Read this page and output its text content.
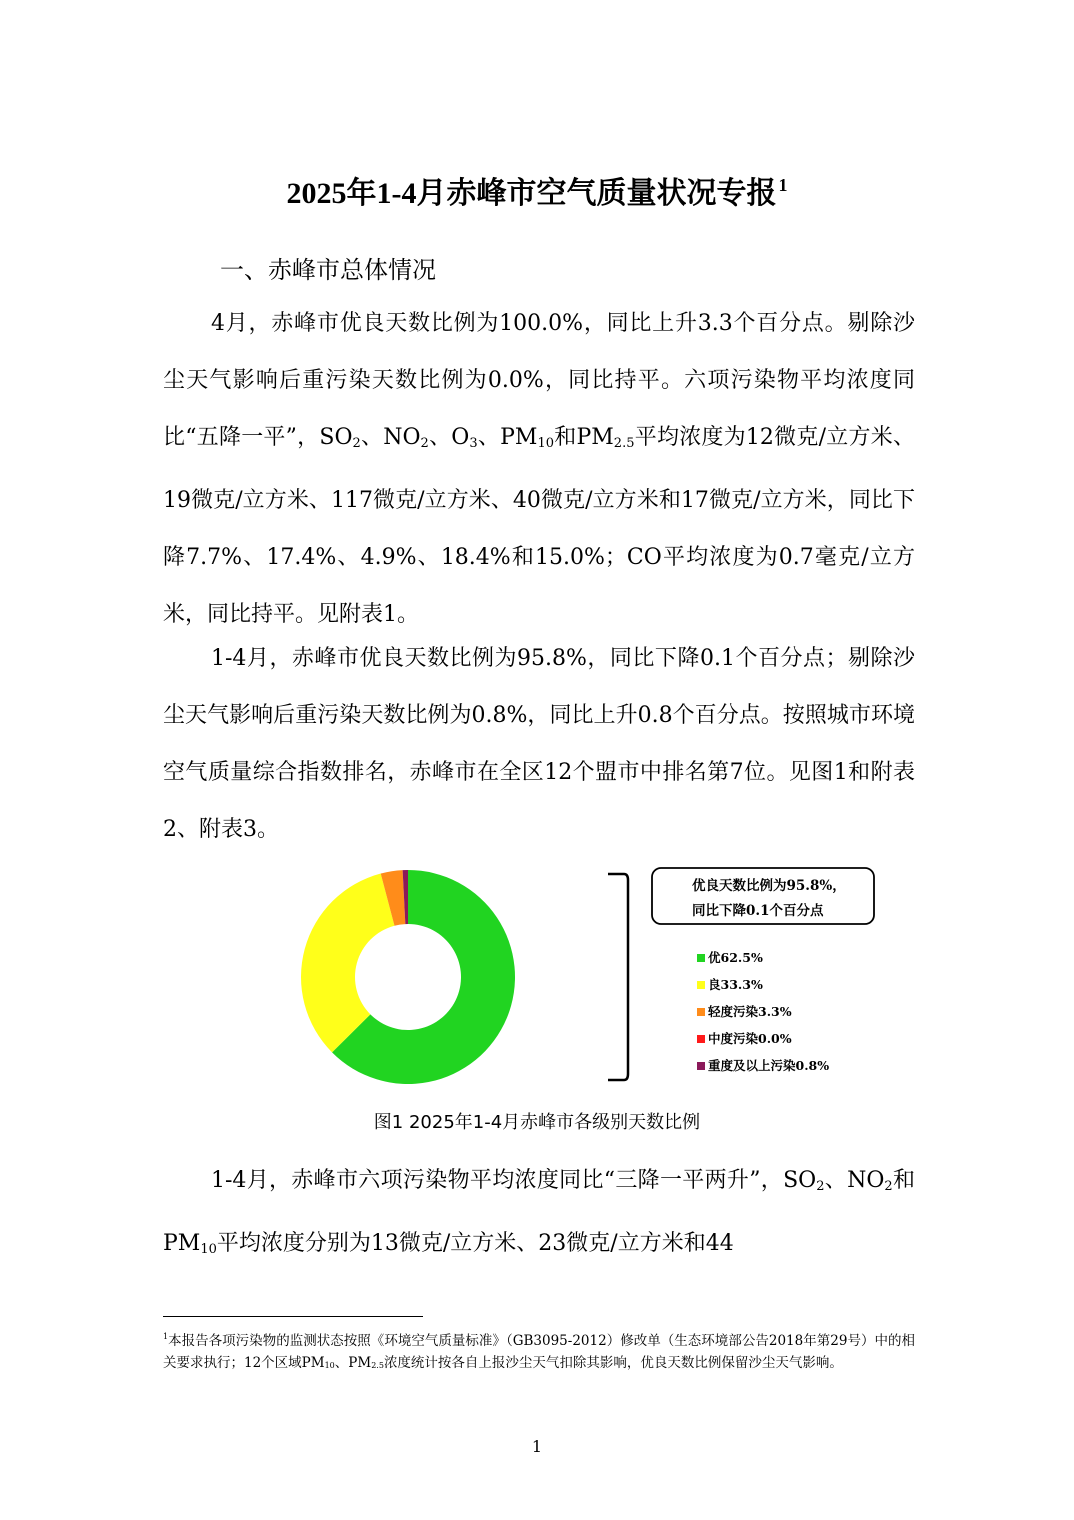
2025年1-4月赤峰市空气质量状况专报 $^1$
一、赤峰市总体情况
4月，赤峰市优良天数比例为100.0%，同比上升3.3个百分点。剔除沙尘天气影响后重污染天数比例为0.0%，同比持平。六项污染物平均浓度同比“五降一平”，$SO_2$、$NO_2$、$O_3$、$PM_{10}$和$PM_{2.5}$平均浓度为12微克/立方米、19微克/立方米、117微克/立方米、40微克/立方米和17微克/立方米，同比下降7.7%、17.4%、4.9%、18.4%和15.0%；CO平均浓度为0.7毫克/立方米，同比持平。见附表1。
1-4月，赤峰市优良天数比例为95.8%，同比下降0.1个百分点；剔除沙尘天气影响后重污染天数比例为0.8%，同比上升0.8个百分点。按照城市环境空气质量综合指数排名，赤峰市在全区12个盟市中排名第7位。见图1和附表2、附表3。
优良天数比例为95.8%，
同比下降0.1个百分点
优62.5%
良33.3%
轻度污染3.3%
中度污染0.0%
重度及以上污染0.8%
图1 2025年1-4月赤峰市各级别天数比例
1-4月，赤峰市六项污染物平均浓度同比“三降一平两升”，$SO_2$、$NO_2$和$PM_{10}$平均浓度分别为13微克/立方米、23微克/立方米和44
$^1$本报告各项污染物的监测状态按照《环境空气质量标准》（GB3095-2012）修改单（生态环境部公告2018年第29号）中的相关要求执行；12个区域$PM_{10}$、$PM_{2.5}$浓度统计按各自上报沙尘天气扣除其影响，优良天数比例保留沙尘天气影响。
1
